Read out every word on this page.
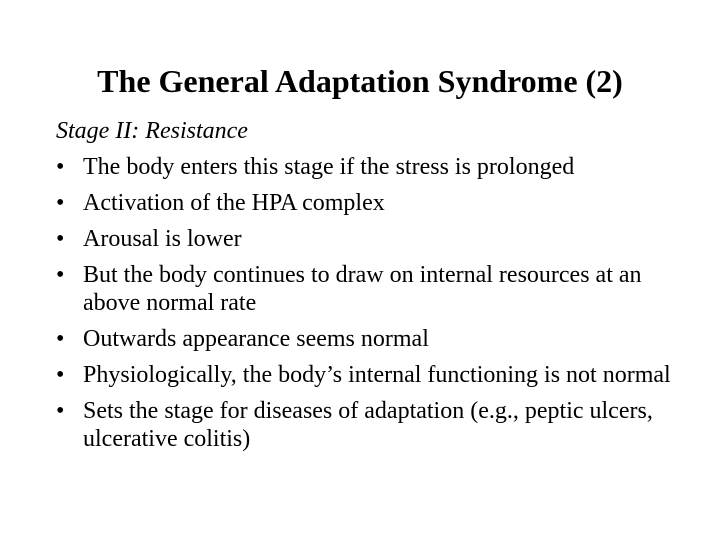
The General Adaptation Syndrome (2)
Stage II: Resistance
• The body enters this stage if the stress is prolonged
• Activation of the HPA complex
• Arousal is lower
• But the body continues to draw on internal resources at an above normal rate
• Outwards appearance seems normal
• Physiologically, the body’s internal functioning is not normal
• Sets the stage for diseases of adaptation (e.g., peptic ulcers, ulcerative colitis)
